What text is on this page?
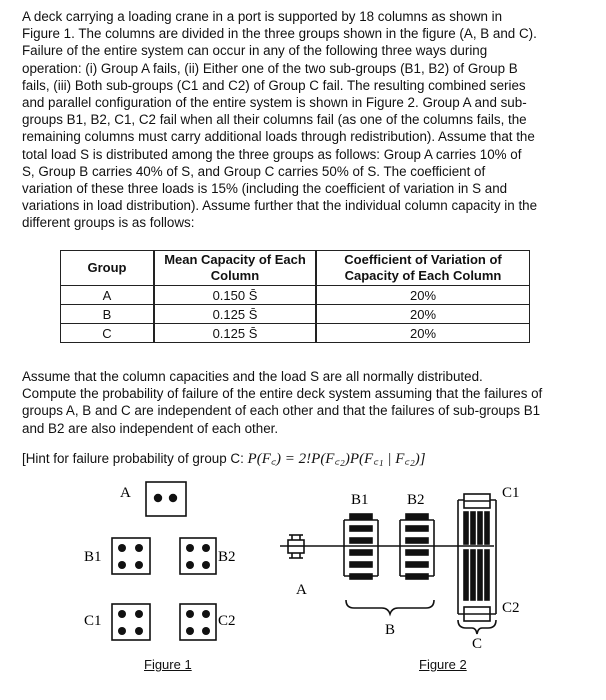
A deck carrying a loading crane in a port is supported by 18 columns as shown in
Figure 1. The columns are divided in the three groups shown in the figure (A, B and C).
Failure of the entire system can occur in any of the following three ways during
operation: (i) Group A fails, (ii) Either one of the two sub-groups (B1, B2) of Group B
fails, (iii) Both sub-groups (C1 and C2) of Group C fail. The resulting combined series
and parallel configuration of the entire system is shown in Figure 2. Group A and sub-
groups B1, B2, C1, C2 fail when all their columns fail (as one of the columns fails, the
remaining columns must carry additional loads through redistribution). Assume that the
total load S is distributed among the three groups as follows: Group A carries 10% of
S, Group B carries 40% of S, and Group C carries 50% of S. The coefficient of
variation of these three loads is 15% (including the coefficient of variation in S and
variations in load distribution). Assume further that the individual column capacity in the
different groups is as follows:
Group	Mean Capacity of Each Column	Coefficient of Variation of Capacity of Each Column
A	0.150 S̄	20%
B	0.125 S̄	20%
C	0.125 S̄	20%
Assume that the column capacities and the load S are all normally distributed.
Compute the probability of failure of the entire deck system assuming that the failures of
groups A, B and C are independent of each other and that the failures of sub-groups B1
and B2 are also independent of each other.
[Hint for failure probability of group C: P(F꜀) = 2!P(F꜀₂)P(F꜀₁ | F꜀₂)]
A
B1	B2
C1	C2
A
B1	B2
B
C
C1
C2
Figure 1	Figure 2
